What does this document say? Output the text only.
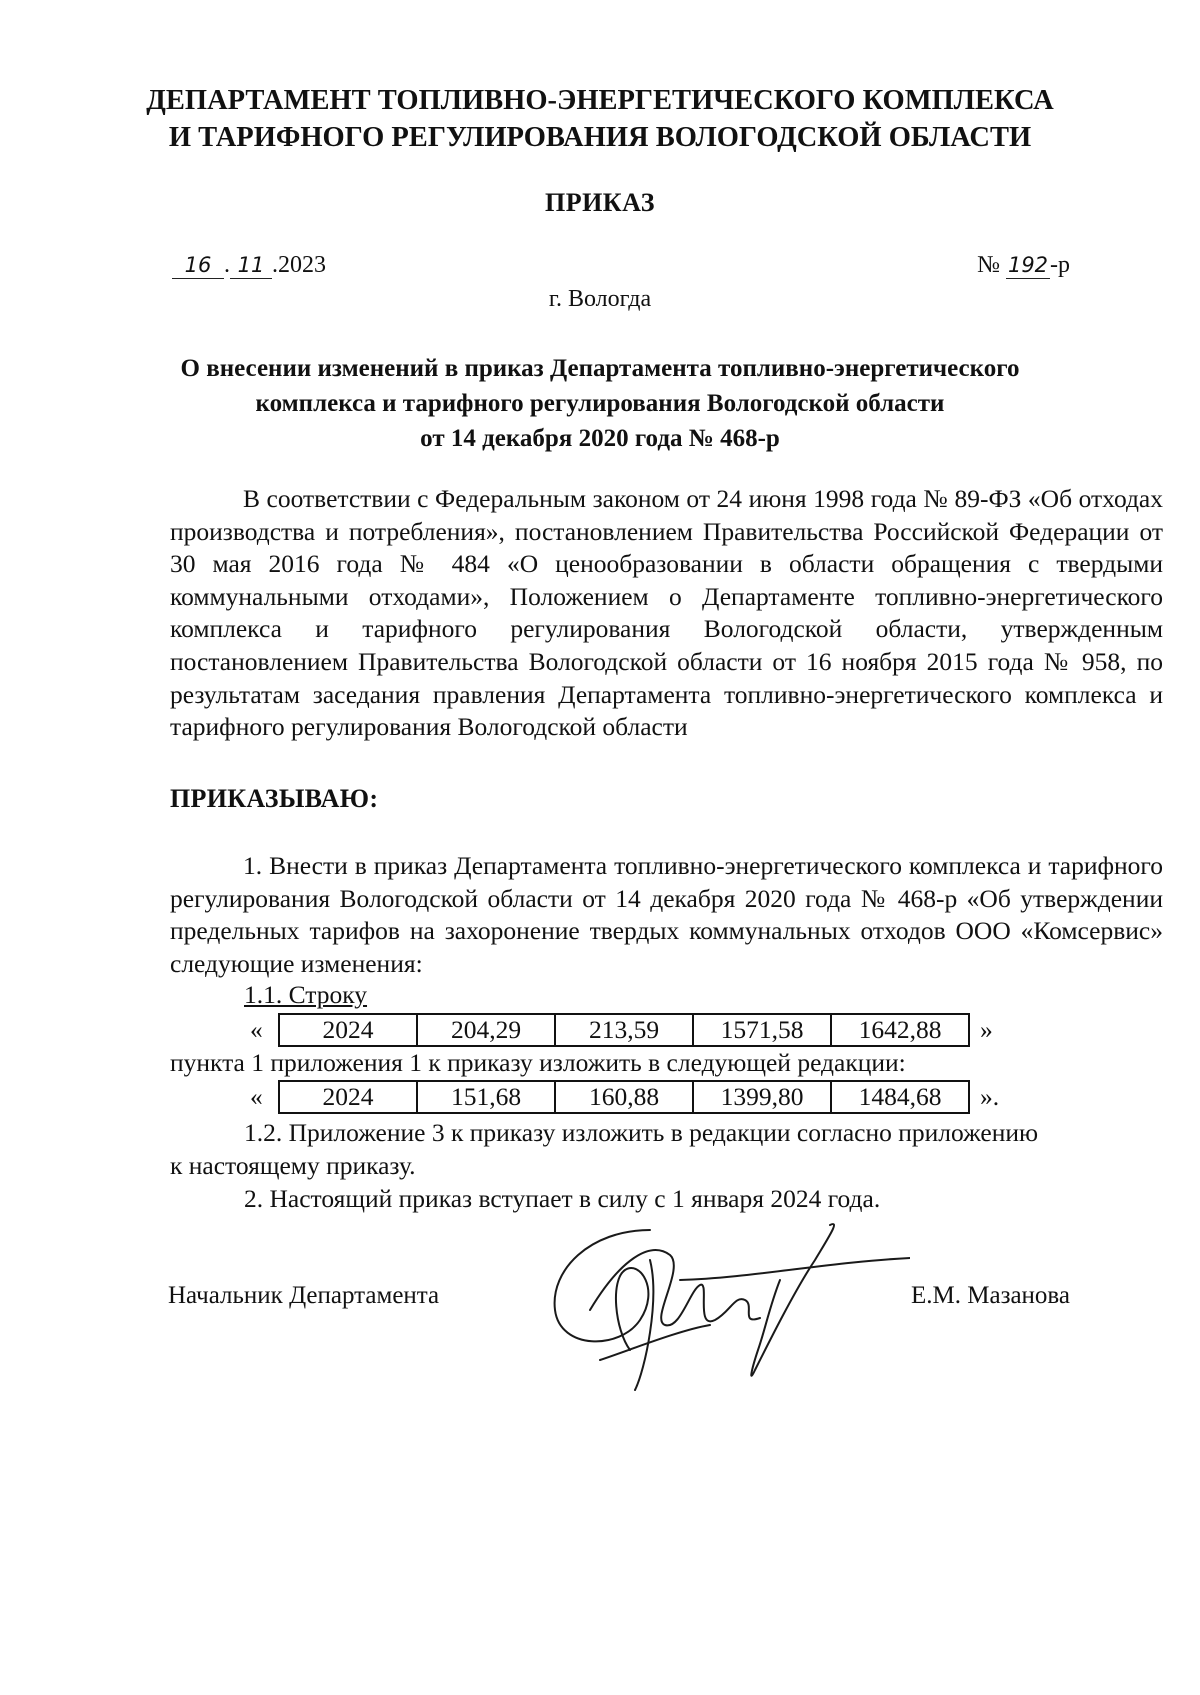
ДЕПАРТАМЕНТ ТОПЛИВНО-ЭНЕРГЕТИЧЕСКОГО КОМПЛЕКСА
И ТАРИФНОГО РЕГУЛИРОВАНИЯ ВОЛОГОДСКОЙ ОБЛАСТИ
ПРИКАЗ
16 . 11 .2023	№ 192-р
г. Вологда
О внесении изменений в приказ Департамента топливно-энергетического
комплекса и тарифного регулирования Вологодской области
от 14 декабря 2020 года № 468-р

В соответствии с Федеральным законом от 24 июня 1998 года № 89-ФЗ «Об отходах производства и потребления», постановлением Правительства Российской Федерации от 30 мая 2016 года № 484 «О ценообразовании в области обращения с твердыми коммунальными отходами», Положением о Департаменте топливно-энергетического комплекса и тарифного регулирования Вологодской области, утвержденным постановлением Правительства Вологодской области от 16 ноября 2015 года № 958, по результатам заседания правления Департамента топливно-энергетического комплекса и тарифного регулирования Вологодской области

ПРИКАЗЫВАЮ:

1. Внести в приказ Департамента топливно-энергетического комплекса и тарифного регулирования Вологодской области от 14 декабря 2020 года № 468-р «Об утверждении предельных тарифов на захоронение твердых коммунальных отходов ООО «Комсервис» следующие изменения:

1.1. Строку
«	2024	204,29	213,59	1571,58	1642,88 »
пункта 1 приложения 1 к приказу изложить в следующей редакции:
«	2024	151,68	160,88	1399,80	1484,68 ».
1.2. Приложение 3 к приказу изложить в редакции согласно приложению
к настоящему приказу.
2. Настоящий приказ вступает в силу с 1 января 2024 года.
Начальник Департамента	Е.М. Мазанова
